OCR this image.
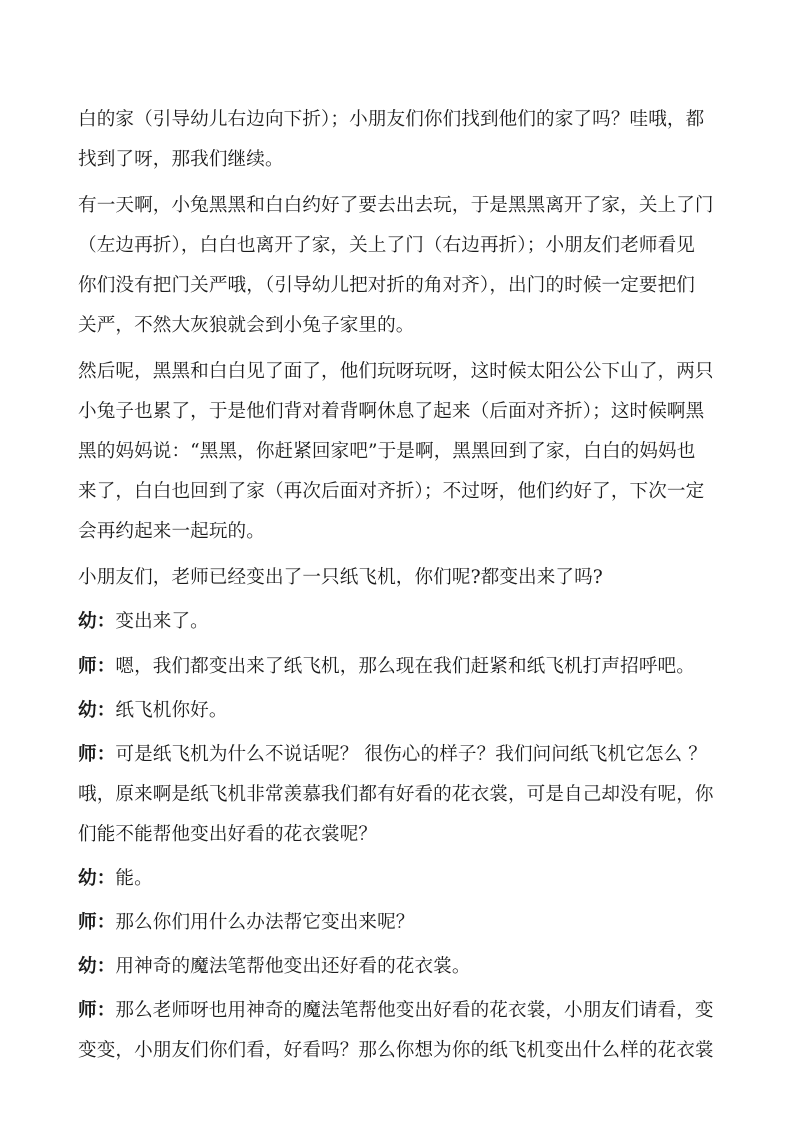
白的家（引导幼儿右边向下折）；小朋友们你们找到他们的家了吗？哇哦，都
找到了呀，那我们继续。
有一天啊，小兔黑黑和白白约好了要去出去玩，于是黑黑离开了家，关上了门
（左边再折），白白也离开了家，关上了门（右边再折）；小朋友们老师看见
你们没有把门关严哦，（引导幼儿把对折的角对齐），出门的时候一定要把们
关严，不然大灰狼就会到小兔子家里的。
然后呢，黑黑和白白见了面了，他们玩呀玩呀，这时候太阳公公下山了，两只
小兔子也累了，于是他们背对着背啊休息了起来（后面对齐折）；这时候啊黑
黑的妈妈说：“黑黑，你赶紧回家吧”于是啊，黑黑回到了家，白白的妈妈也
来了，白白也回到了家（再次后面对齐折）；不过呀，他们约好了，下次一定
会再约起来一起玩的。
小朋友们，老师已经变出了一只纸飞机，你们呢?都变出来了吗?
幼：变出来了。
师：嗯，我们都变出来了纸飞机，那么现在我们赶紧和纸飞机打声招呼吧。
幼：纸飞机你好。
师：可是纸飞机为什么不说话呢？ 很伤心的样子？我们问问纸飞机它怎么 ？
哦，原来啊是纸飞机非常羡慕我们都有好看的花衣裳，可是自己却没有呢，你
们能不能帮他变出好看的花衣裳呢？
幼：能。
师：那么你们用什么办法帮它变出来呢？
幼：用神奇的魔法笔帮他变出还好看的花衣裳。
师：那么老师呀也用神奇的魔法笔帮他变出好看的花衣裳，小朋友们请看，变
变变，小朋友们你们看，好看吗？那么你想为你的纸飞机变出什么样的花衣裳
